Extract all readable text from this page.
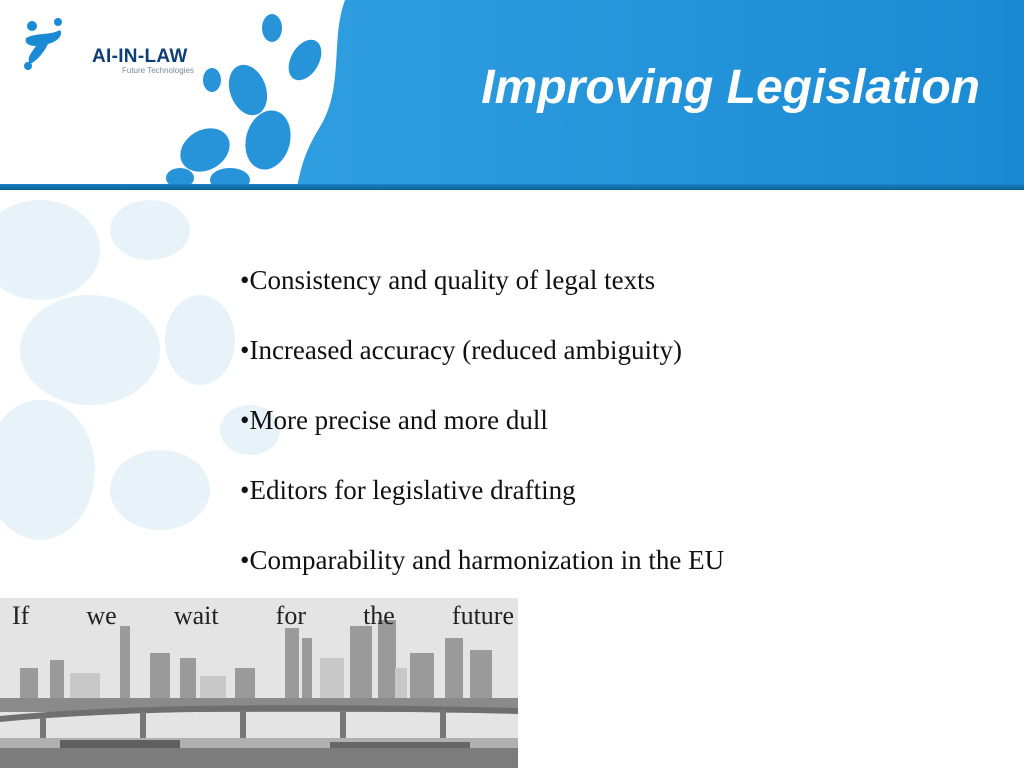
AI-IN-LAW
Future Technologies	Improving Legislation
•Consistency and quality of legal texts
•Increased accuracy (reduced ambiguity)
•More precise and more dull
•Editors for legislative drafting
•Comparability and harmonization in the EU
If we wait for the future
